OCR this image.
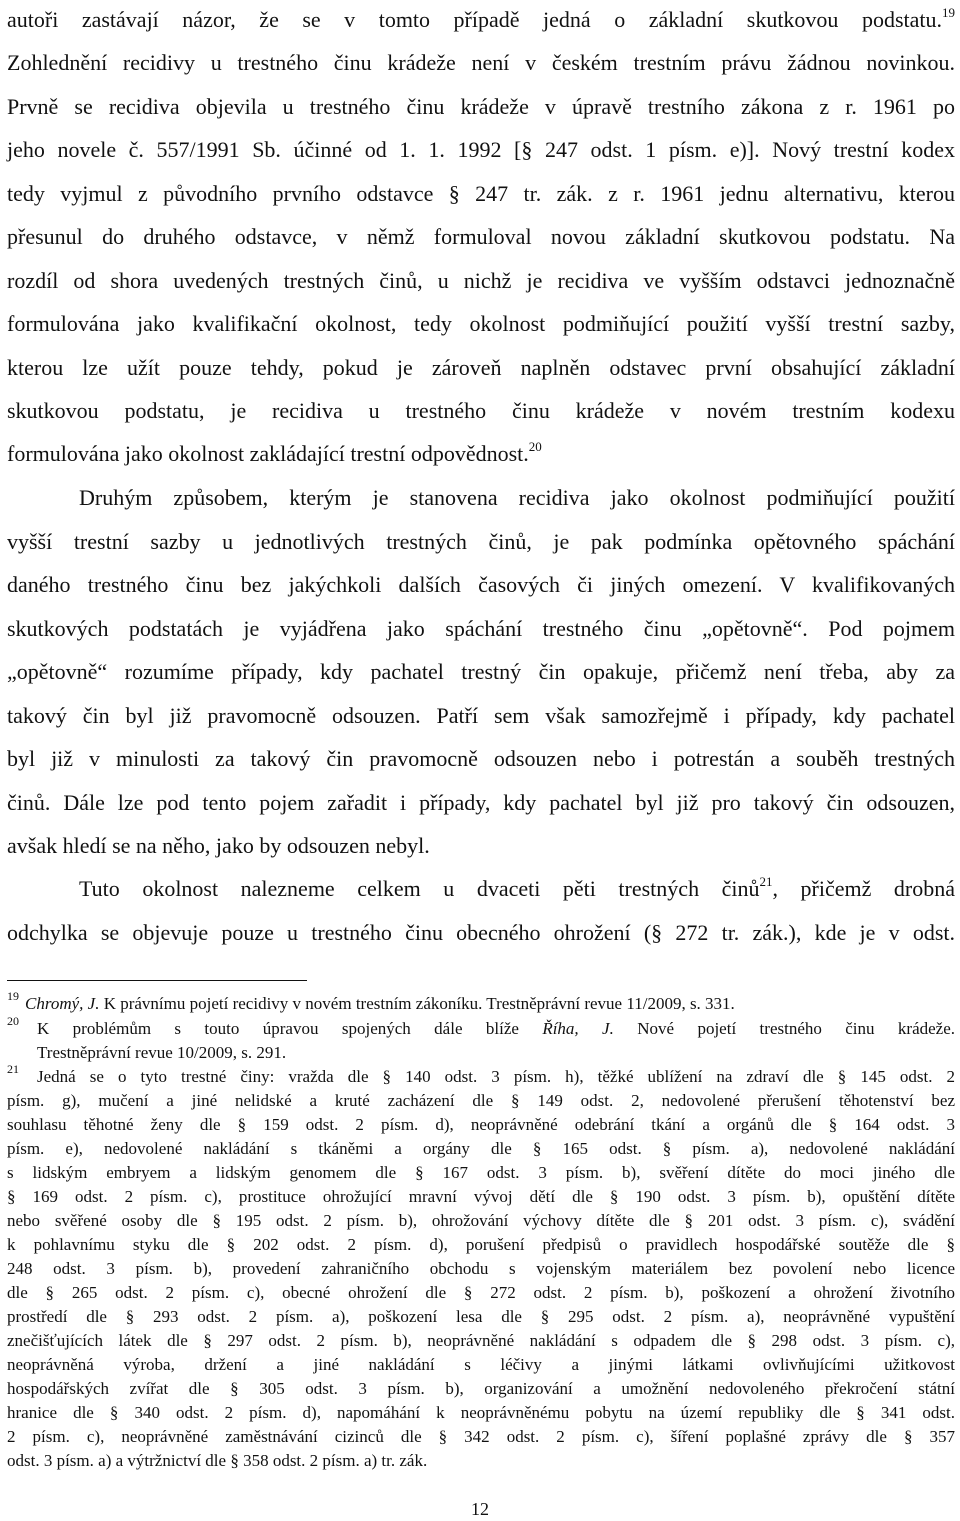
autoři zastávají názor, že se v tomto případě jedná o základní skutkovou podstatu.$^{19}$
Zohlednění recidivy u trestného činu krádeže není v českém trestním právu žádnou novinkou.
Prvně se recidiva objevila u trestného činu krádeže v úpravě trestního zákona z r. 1961 po
jeho novele č. 557/1991 Sb. účinné od 1. 1. 1992 [§ 247 odst. 1 písm. e)]. Nový trestní kodex
tedy vyjmul z původního prvního odstavce § 247 tr. zák. z r. 1961 jednu alternativu, kterou
přesunul do druhého odstavce, v němž formuloval novou základní skutkovou podstatu. Na
rozdíl od shora uvedených trestných činů, u nichž je recidiva ve vyšším odstavci jednoznačně
formulována jako kvalifikační okolnost, tedy okolnost podmiňující použití vyšší trestní sazby,
kterou lze užít pouze tehdy, pokud je zároveň naplněn odstavec první obsahující základní
skutkovou podstatu, je recidiva u trestného činu krádeže v novém trestním kodexu
formulována jako okolnost zakládající trestní odpovědnost.$^{20}$
Druhým způsobem, kterým je stanovena recidiva jako okolnost podmiňující použití
vyšší trestní sazby u jednotlivých trestných činů, je pak podmínka opětovného spáchání
daného trestného činu bez jakýchkoli dalších časových či jiných omezení. V kvalifikovaných
skutkových podstatách je vyjádřena jako spáchání trestného činu „opětovně“. Pod pojmem
„opětovně“ rozumíme případy, kdy pachatel trestný čin opakuje, přičemž není třeba, aby za
takový čin byl již pravomocně odsouzen. Patří sem však samozřejmě i případy, kdy pachatel
byl již v minulosti za takový čin pravomocně odsouzen nebo i potrestán a souběh trestných
činů. Dále lze pod tento pojem zařadit i případy, kdy pachatel byl již pro takový čin odsouzen,
avšak hledí se na něho, jako by odsouzen nebyl.
Tuto okolnost nalezneme celkem u dvaceti pěti trestných činů$^{21}$, přičemž drobná
odchylka se objevuje pouze u trestného činu obecného ohrožení (§ 272 tr. zák.), kde je v odst.
19 Chromý, J. K právnímu pojetí recidivy v novém trestním zákoníku. Trestněprávní revue 11/2009, s. 331.
20 K problémům s touto úpravou spojených dále blíže Říha, J. Nové pojetí trestného činu krádeže.
Trestněprávní revue 10/2009, s. 291.
21 Jedná se o tyto trestné činy: vražda dle § 140 odst. 3 písm. h), těžké ublížení na zdraví dle § 145 odst. 2
písm. g), mučení a jiné nelidské a kruté zacházení dle § 149 odst. 2, nedovolené přerušení těhotenství bez
souhlasu těhotné ženy dle § 159 odst. 2 písm. d), neoprávněné odebrání tkání a orgánů dle § 164 odst. 3
písm. e), nedovolené nakládání s tkáněmi a orgány dle § 165 odst. § písm. a), nedovolené nakládání
s lidským embryem a lidským genomem dle § 167 odst. 3 písm. b), svěření dítěte do moci jiného dle
§ 169 odst. 2 písm. c), prostituce ohrožující mravní vývoj dětí dle § 190 odst. 3 písm. b), opuštění dítěte
nebo svěřené osoby dle § 195 odst. 2 písm. b), ohrožování výchovy dítěte dle § 201 odst. 3 písm. c), svádění
k pohlavnímu styku dle § 202 odst. 2 písm. d), porušení předpisů o pravidlech hospodářské soutěže dle §
248 odst. 3 písm. b), provedení zahraničního obchodu s vojenským materiálem bez povolení nebo licence
dle § 265 odst. 2 písm. c), obecné ohrožení dle § 272 odst. 2 písm. b), poškození a ohrožení životního
prostředí dle § 293 odst. 2 písm. a), poškození lesa dle § 295 odst. 2 písm. a), neoprávněné vypuštění
znečišťujících látek dle § 297 odst. 2 písm. b), neoprávněné nakládání s odpadem dle § 298 odst. 3 písm. c),
neoprávněná výroba, držení a jiné nakládání s léčivy a jinými látkami ovlivňujícími užitkovost
hospodářských zvířat dle § 305 odst. 3 písm. b), organizování a umožnění nedovoleného překročení státní
hranice dle § 340 odst. 2 písm. d), napomáhání k neoprávněnému pobytu na území republiky dle § 341 odst.
2 písm. c), neoprávněné zaměstnávání cizinců dle § 342 odst. 2 písm. c), šíření poplašné zprávy dle § 357
odst. 3 písm. a) a výtržnictví dle § 358 odst. 2 písm. a) tr. zák.
12
